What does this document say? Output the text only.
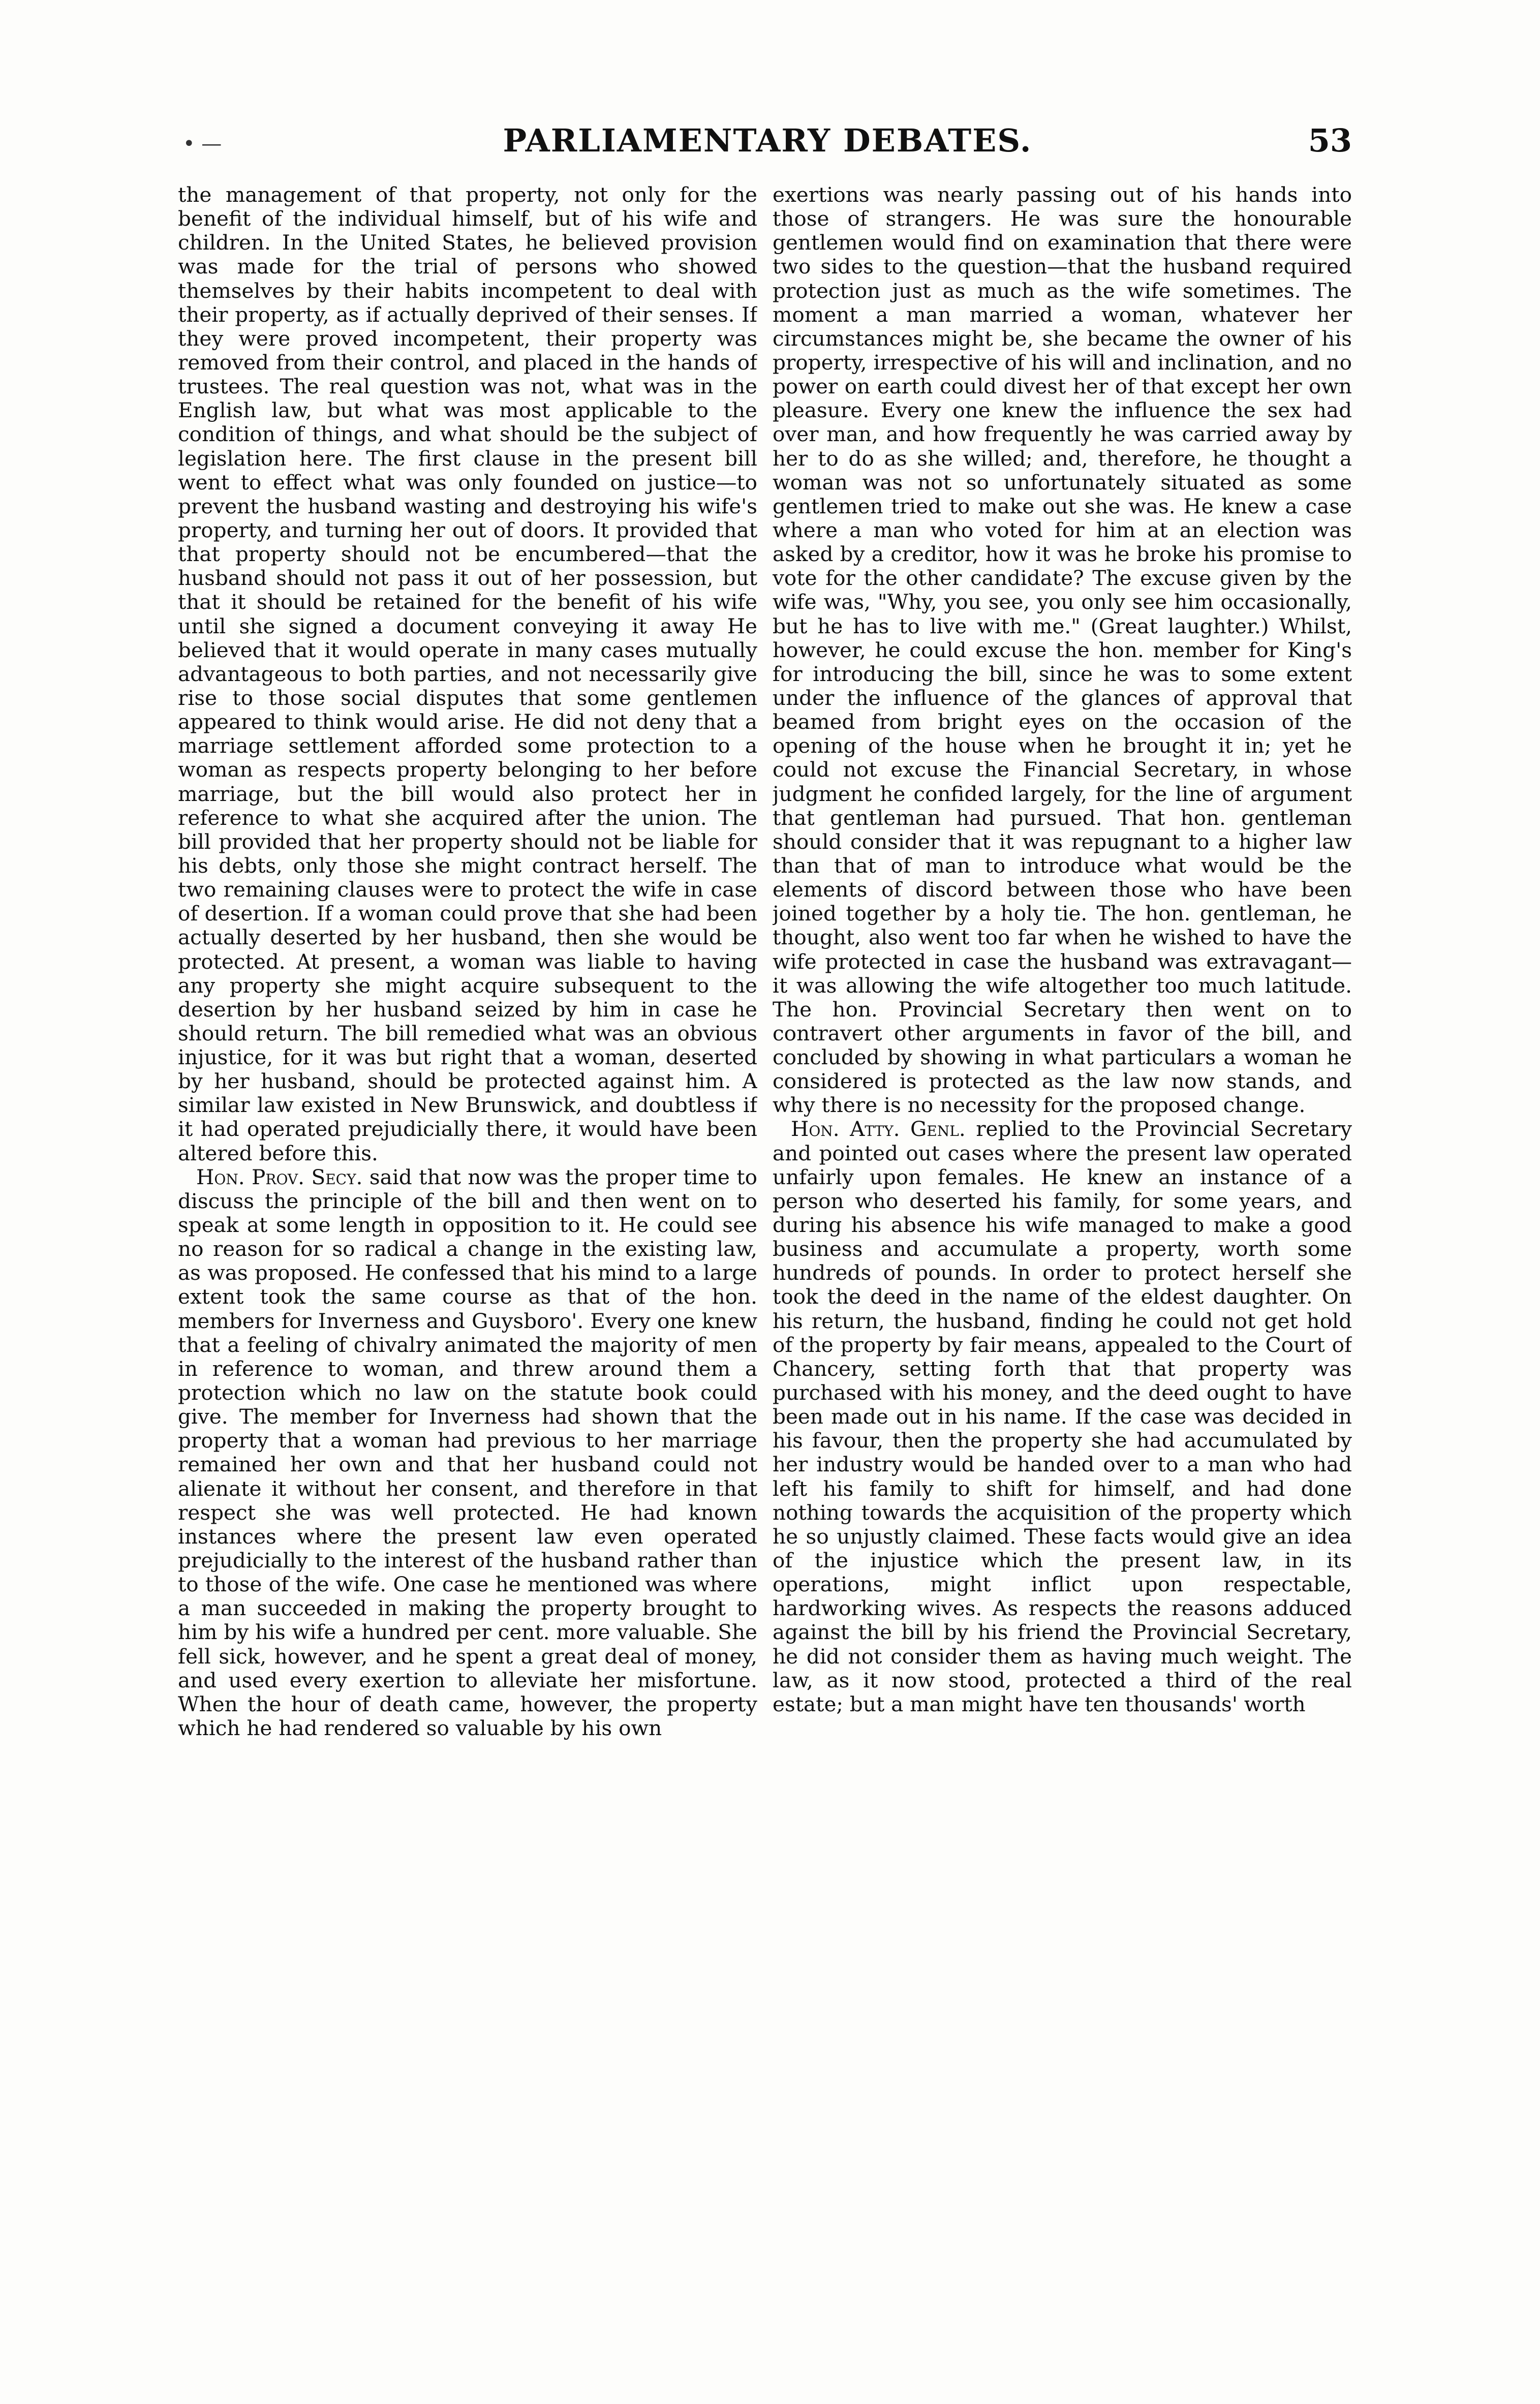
• —	PARLIAMENTARY DEBATES.	53

the management of that property, not only for the benefit of the individual himself, but of his wife and children. In the United States, he believed provision was made for the trial of persons who showed themselves by their habits incompetent to deal with their property, as if actually deprived of their senses. If they were proved incompetent, their property was removed from their control, and placed in the hands of trustees. The real question was not, what was in the English law, but what was most applicable to the condition of things, and what should be the subject of legislation here. The first clause in the present bill went to effect what was only founded on justice—to prevent the husband wasting and destroying his wife's property, and turning her out of doors. It provided that that property should not be encumbered—that the husband should not pass it out of her possession, but that it should be retained for the benefit of his wife until she signed a document conveying it away He believed that it would operate in many cases mutually advantageous to both parties, and not necessarily give rise to those social disputes that some gentlemen appeared to think would arise. He did not deny that a marriage settlement afforded some protection to a woman as respects property belonging to her before marriage, but the bill would also protect her in reference to what she acquired after the union. The bill provided that her property should not be liable for his debts, only those she might contract herself. The two remaining clauses were to protect the wife in case of desertion. If a woman could prove that she had been actually deserted by her husband, then she would be protected. At present, a woman was liable to having any property she might acquire subsequent to the desertion by her husband seized by him in case he should return. The bill remedied what was an obvious injustice, for it was but right that a woman, deserted by her husband, should be protected against him. A similar law existed in New Brunswick, and doubtless if it had operated prejudicially there, it would have been altered before this.

Hon. Prov. Secy. said that now was the proper time to discuss the principle of the bill and then went on to speak at some length in opposition to it. He could see no reason for so radical a change in the existing law, as was proposed. He confessed that his mind to a large extent took the same course as that of the hon. members for Inverness and Guysboro'. Every one knew that a feeling of chivalry animated the majority of men in reference to woman, and threw around them a protection which no law on the statute book could give. The member for Inverness had shown that the property that a woman had previous to her marriage remained her own and that her husband could not alienate it without her consent, and therefore in that respect she was well protected. He had known instances where the present law even operated prejudicially to the interest of the husband rather than to those of the wife. One case he mentioned was where a man succeeded in making the property brought to him by his wife a hundred per cent. more valuable. She fell sick, however, and he spent a great deal of money, and used every exertion to alleviate her misfortune. When the hour of death came, however, the property which he had rendered so valuable by his own

exertions was nearly passing out of his hands into those of strangers. He was sure the honourable gentlemen would find on examination that there were two sides to the question—that the husband required protection just as much as the wife sometimes. The moment a man married a woman, whatever her circumstances might be, she became the owner of his property, irrespective of his will and inclination, and no power on earth could divest her of that except her own pleasure. Every one knew the influence the sex had over man, and how frequently he was carried away by her to do as she willed; and, therefore, he thought a woman was not so unfortunately situated as some gentlemen tried to make out she was. He knew a case where a man who voted for him at an election was asked by a creditor, how it was he broke his promise to vote for the other candidate? The excuse given by the wife was, "Why, you see, you only see him occasionally, but he has to live with me." (Great laughter.) Whilst, however, he could excuse the hon. member for King's for introducing the bill, since he was to some extent under the influence of the glances of approval that beamed from bright eyes on the occasion of the opening of the house when he brought it in; yet he could not excuse the Financial Secretary, in whose judgment he confided largely, for the line of argument that gentleman had pursued. That hon. gentleman should consider that it was repugnant to a higher law than that of man to introduce what would be the elements of discord between those who have been joined together by a holy tie. The hon. gentleman, he thought, also went too far when he wished to have the wife protected in case the husband was extravagant—it was allowing the wife altogether too much latitude. The hon. Provincial Secretary then went on to contravert other arguments in favor of the bill, and concluded by showing in what particulars a woman he considered is protected as the law now stands, and why there is no necessity for the proposed change.

Hon. Atty. Genl. replied to the Provincial Secretary and pointed out cases where the present law operated unfairly upon females. He knew an instance of a person who deserted his family, for some years, and during his absence his wife managed to make a good business and accumulate a property, worth some hundreds of pounds. In order to protect herself she took the deed in the name of the eldest daughter. On his return, the husband, finding he could not get hold of the property by fair means, appealed to the Court of Chancery, setting forth that that property was purchased with his money, and the deed ought to have been made out in his name. If the case was decided in his favour, then the property she had accumulated by her industry would be handed over to a man who had left his family to shift for himself, and had done nothing towards the acquisition of the property which he so unjustly claimed. These facts would give an idea of the injustice which the present law, in its operations, might inflict upon respectable, hardworking wives. As respects the reasons adduced against the bill by his friend the Provincial Secretary, he did not consider them as having much weight. The law, as it now stood, protected a third of the real estate; but a man might have ten thousands' worth
